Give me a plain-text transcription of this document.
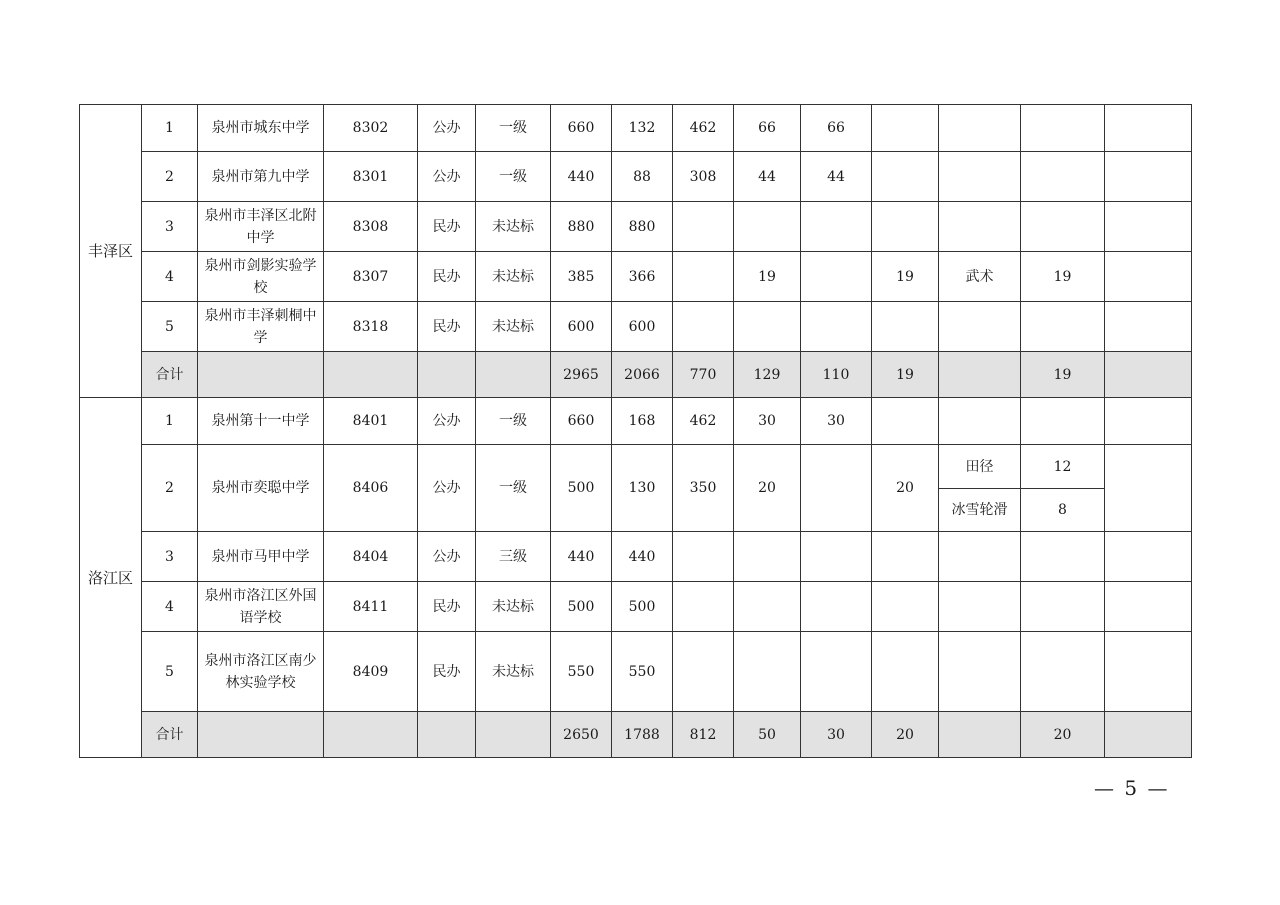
丰泽区	1	泉州市城东中学	8302	公办	一级	660	132	462	66	66				
	2	泉州市第九中学	8301	公办	一级	440	88	308	44	44				
	3	泉州市丰泽区北附中学	8308	民办	未达标	880	880							
	4	泉州市剑影实验学校	8307	民办	未达标	385	366		19		19	武术	19	
	5	泉州市丰泽刺桐中学	8318	民办	未达标	600	600							
	合计					2965	2066	770	129	110	19		19	
洛江区	1	泉州第十一中学	8401	公办	一级	660	168	462	30	30				
	2	泉州市奕聪中学	8406	公办	一级	500	130	350	20		20	田径	12	
												冰雪轮滑	8	
	3	泉州市马甲中学	8404	公办	三级	440	440							
	4	泉州市洛江区外国语学校	8411	民办	未达标	500	500							
	5	泉州市洛江区南少林实验学校	8409	民办	未达标	550	550							
	合计					2650	1788	812	50	30	20		20	
— 5 —
